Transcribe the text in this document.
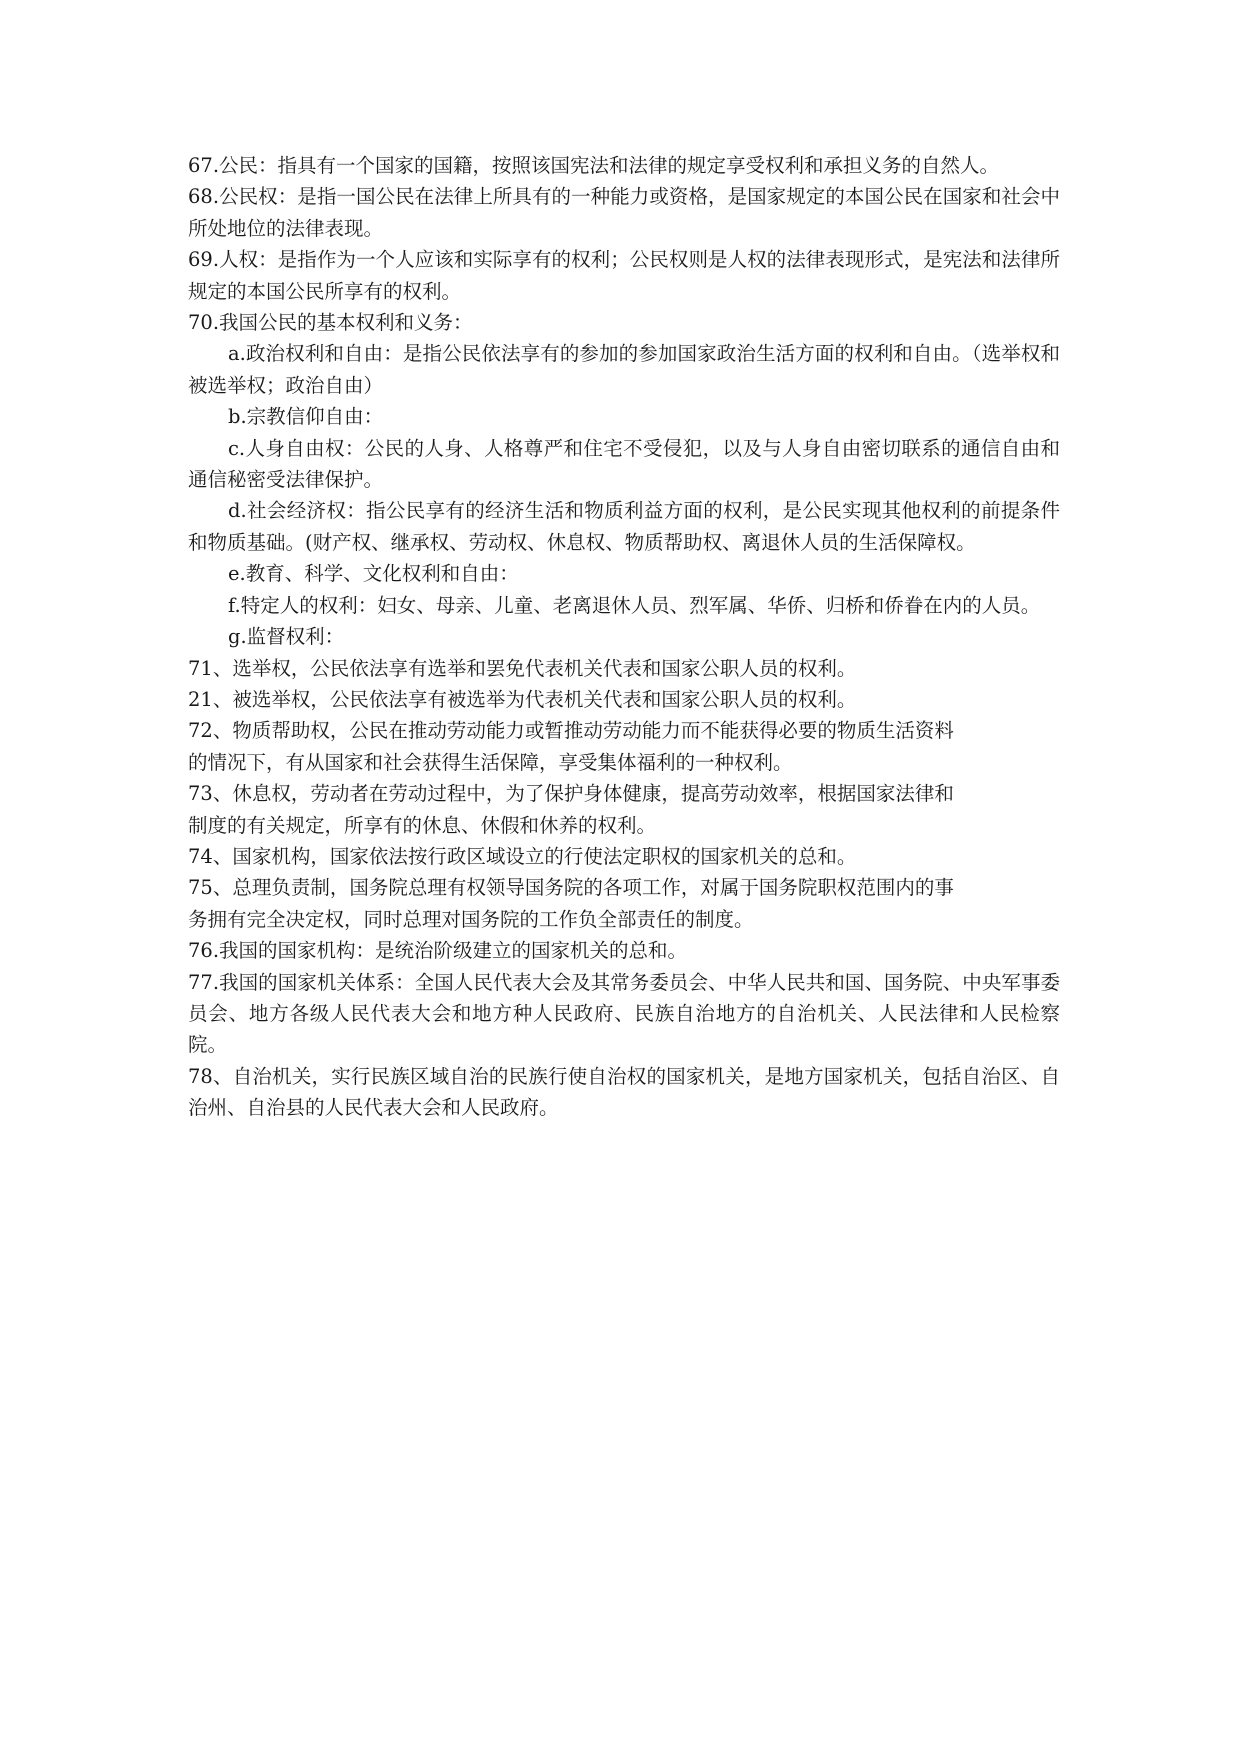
67.公民：指具有一个国家的国籍，按照该国宪法和法律的规定享受权利和承担义务的自然人。

68.公民权：是指一国公民在法律上所具有的一种能力或资格，是国家规定的本国公民在国家和社会中所处地位的法律表现。

69.人权：是指作为一个人应该和实际享有的权利；公民权则是人权的法律表现形式，是宪法和法律所规定的本国公民所享有的权利。

70.我国公民的基本权利和义务：

a.政治权利和自由：是指公民依法享有的参加的参加国家政治生活方面的权利和自由。（选举权和被选举权；政治自由）

b.宗教信仰自由：

c.人身自由权：公民的人身、人格尊严和住宅不受侵犯，以及与人身自由密切联系的通信自由和通信秘密受法律保护。

d.社会经济权：指公民享有的经济生活和物质利益方面的权利，是公民实现其他权利的前提条件和物质基础。(财产权、继承权、劳动权、休息权、物质帮助权、离退休人员的生活保障权。

e.教育、科学、文化权利和自由：

f.特定人的权利：妇女、母亲、儿童、老离退休人员、烈军属、华侨、归桥和侨眷在内的人员。

g.监督权利：

71、选举权，公民依法享有选举和罢免代表机关代表和国家公职人员的权利。

21、被选举权，公民依法享有被选举为代表机关代表和国家公职人员的权利。

72、物质帮助权，公民在推动劳动能力或暂推动劳动能力而不能获得必要的物质生活资料的情况下，有从国家和社会获得生活保障，享受集体福利的一种权利。

73、休息权，劳动者在劳动过程中，为了保护身体健康，提高劳动效率，根据国家法律和制度的有关规定，所享有的休息、休假和休养的权利。

74、国家机构，国家依法按行政区域设立的行使法定职权的国家机关的总和。

75、总理负责制，国务院总理有权领导国务院的各项工作，对属于国务院职权范围内的事务拥有完全决定权，同时总理对国务院的工作负全部责任的制度。

76.我国的国家机构：是统治阶级建立的国家机关的总和。

77.我国的国家机关体系：全国人民代表大会及其常务委员会、中华人民共和国、国务院、中央军事委员会、地方各级人民代表大会和地方种人民政府、民族自治地方的自治机关、人民法律和人民检察院。

78、自治机关，实行民族区域自治的民族行使自治权的国家机关，是地方国家机关，包括自治区、自治州、自治县的人民代表大会和人民政府。
